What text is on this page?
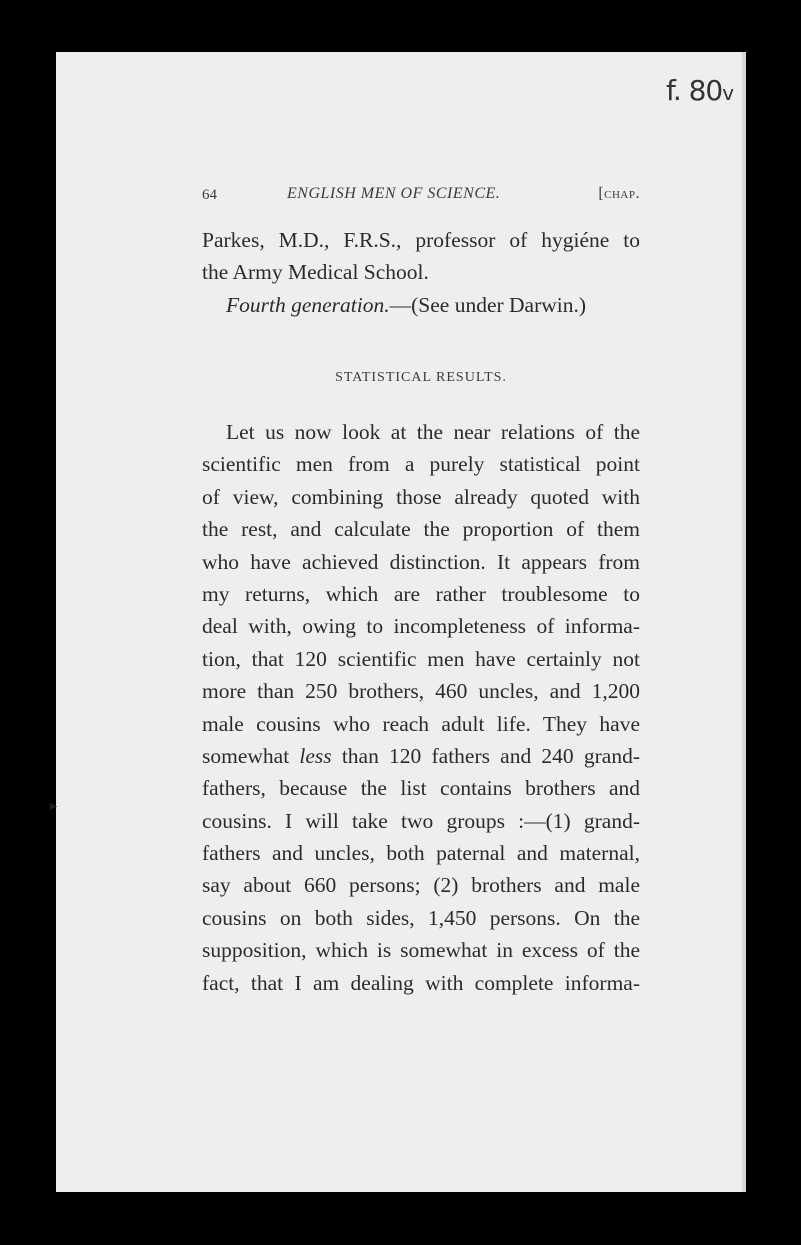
f. 80v
64	ENGLISH MEN OF SCIENCE.	[chap.
Parkes, M.D., F.R.S., professor of hygiéne to
the Army Medical School.
Fourth generation.—(See under Darwin.)
STATISTICAL RESULTS.
Let us now look at the near relations of the
scientific men from a purely statistical point
of view, combining those already quoted with
the rest, and calculate the proportion of them
who have achieved distinction. It appears from
my returns, which are rather troublesome to
deal with, owing to incompleteness of informa-
tion, that 120 scientific men have certainly not
more than 250 brothers, 460 uncles, and 1,200
male cousins who reach adult life. They have
somewhat less than 120 fathers and 240 grand-
fathers, because the list contains brothers and
cousins. I will take two groups :—(1) grand-
fathers and uncles, both paternal and maternal,
say about 660 persons; (2) brothers and male
cousins on both sides, 1,450 persons. On the
supposition, which is somewhat in excess of the
fact, that I am dealing with complete informa-
▸
